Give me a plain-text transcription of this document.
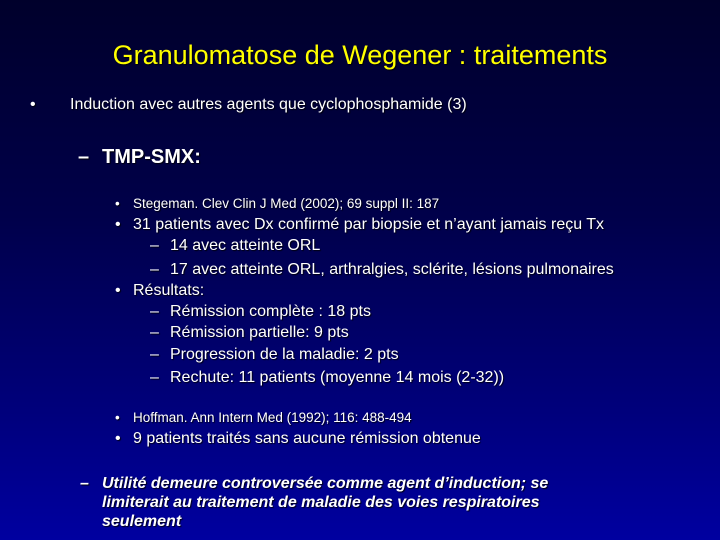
Granulomatose de Wegener : traitements
• Induction avec autres agents que cyclophosphamide (3)
– TMP-SMX:
• Stegeman. Clev Clin J Med (2002); 69 suppl II: 187
• 31 patients avec Dx confirmé par biopsie et n’ayant jamais reçu Tx
– 14 avec atteinte ORL
– 17 avec atteinte ORL, arthralgies, sclérite, lésions pulmonaires
• Résultats:
– Rémission complète : 18 pts
– Rémission partielle: 9 pts
– Progression de la maladie: 2 pts
– Rechute: 11 patients (moyenne 14 mois (2-32))
• Hoffman. Ann Intern Med (1992); 116: 488-494
• 9 patients traités sans aucune rémission obtenue
– Utilité demeure controversée comme agent d’induction; se
limiterait au traitement de maladie des voies respiratoires
seulement
